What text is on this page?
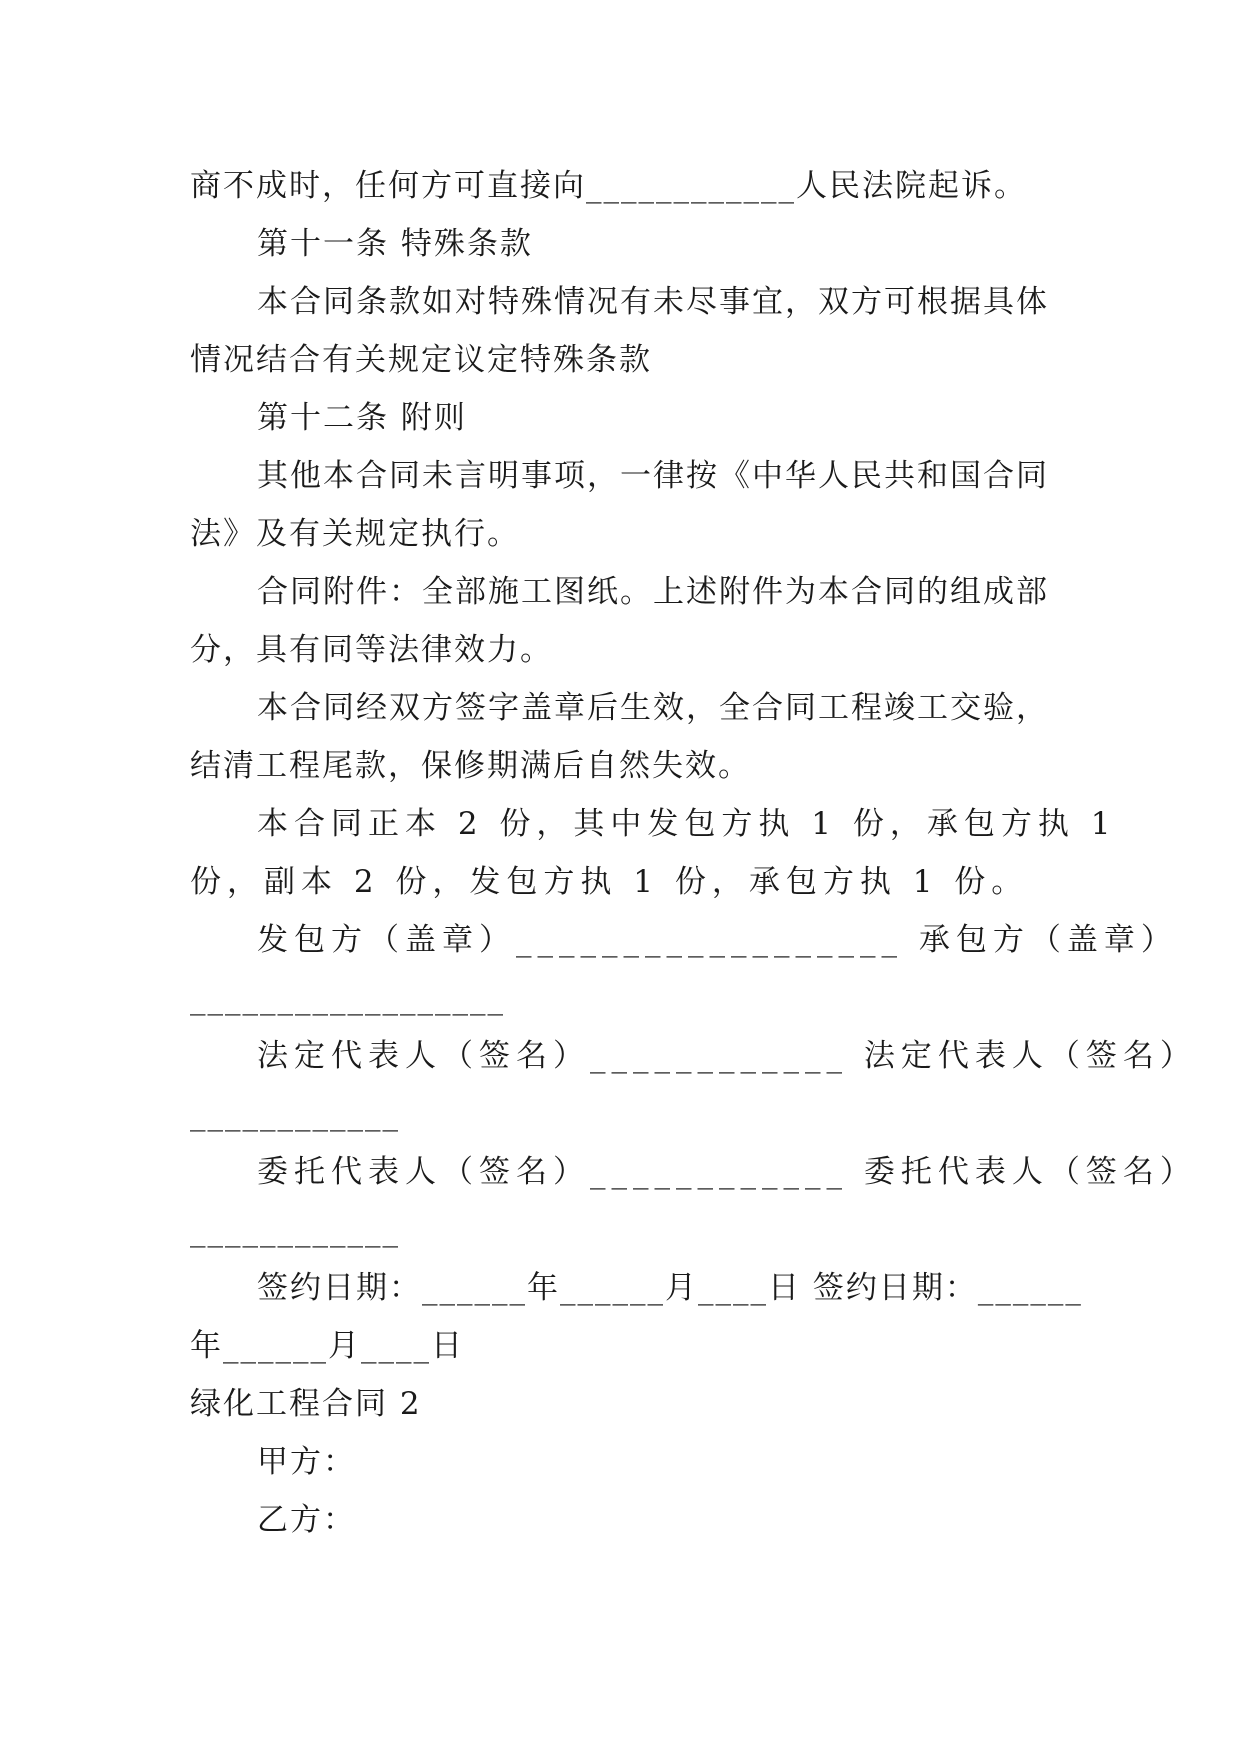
商不成时，任何方可直接向____________人民法院起诉。
第十一条 特殊条款
本合同条款如对特殊情况有未尽事宜，双方可根据具体
情况结合有关规定议定特殊条款
第十二条 附则
其他本合同未言明事项，一律按《中华人民共和国合同
法》及有关规定执行。
合同附件：全部施工图纸。上述附件为本合同的组成部
分，具有同等法律效力。
本合同经双方签字盖章后生效，全合同工程竣工交验，
结清工程尾款，保修期满后自然失效。
本合同正本 2 份，其中发包方执 1 份，承包方执 1
份，副本 2 份，发包方执 1 份，承包方执 1 份。
发包方（盖章）__________________ 承包方（盖章）
__________________
法定代表人（签名）____________ 法定代表人（签名）
____________
委托代表人（签名）____________ 委托代表人（签名）
____________
签约日期：______年______月____日 签约日期：______
年______月____日
绿化工程合同 2
甲方：
乙方：
